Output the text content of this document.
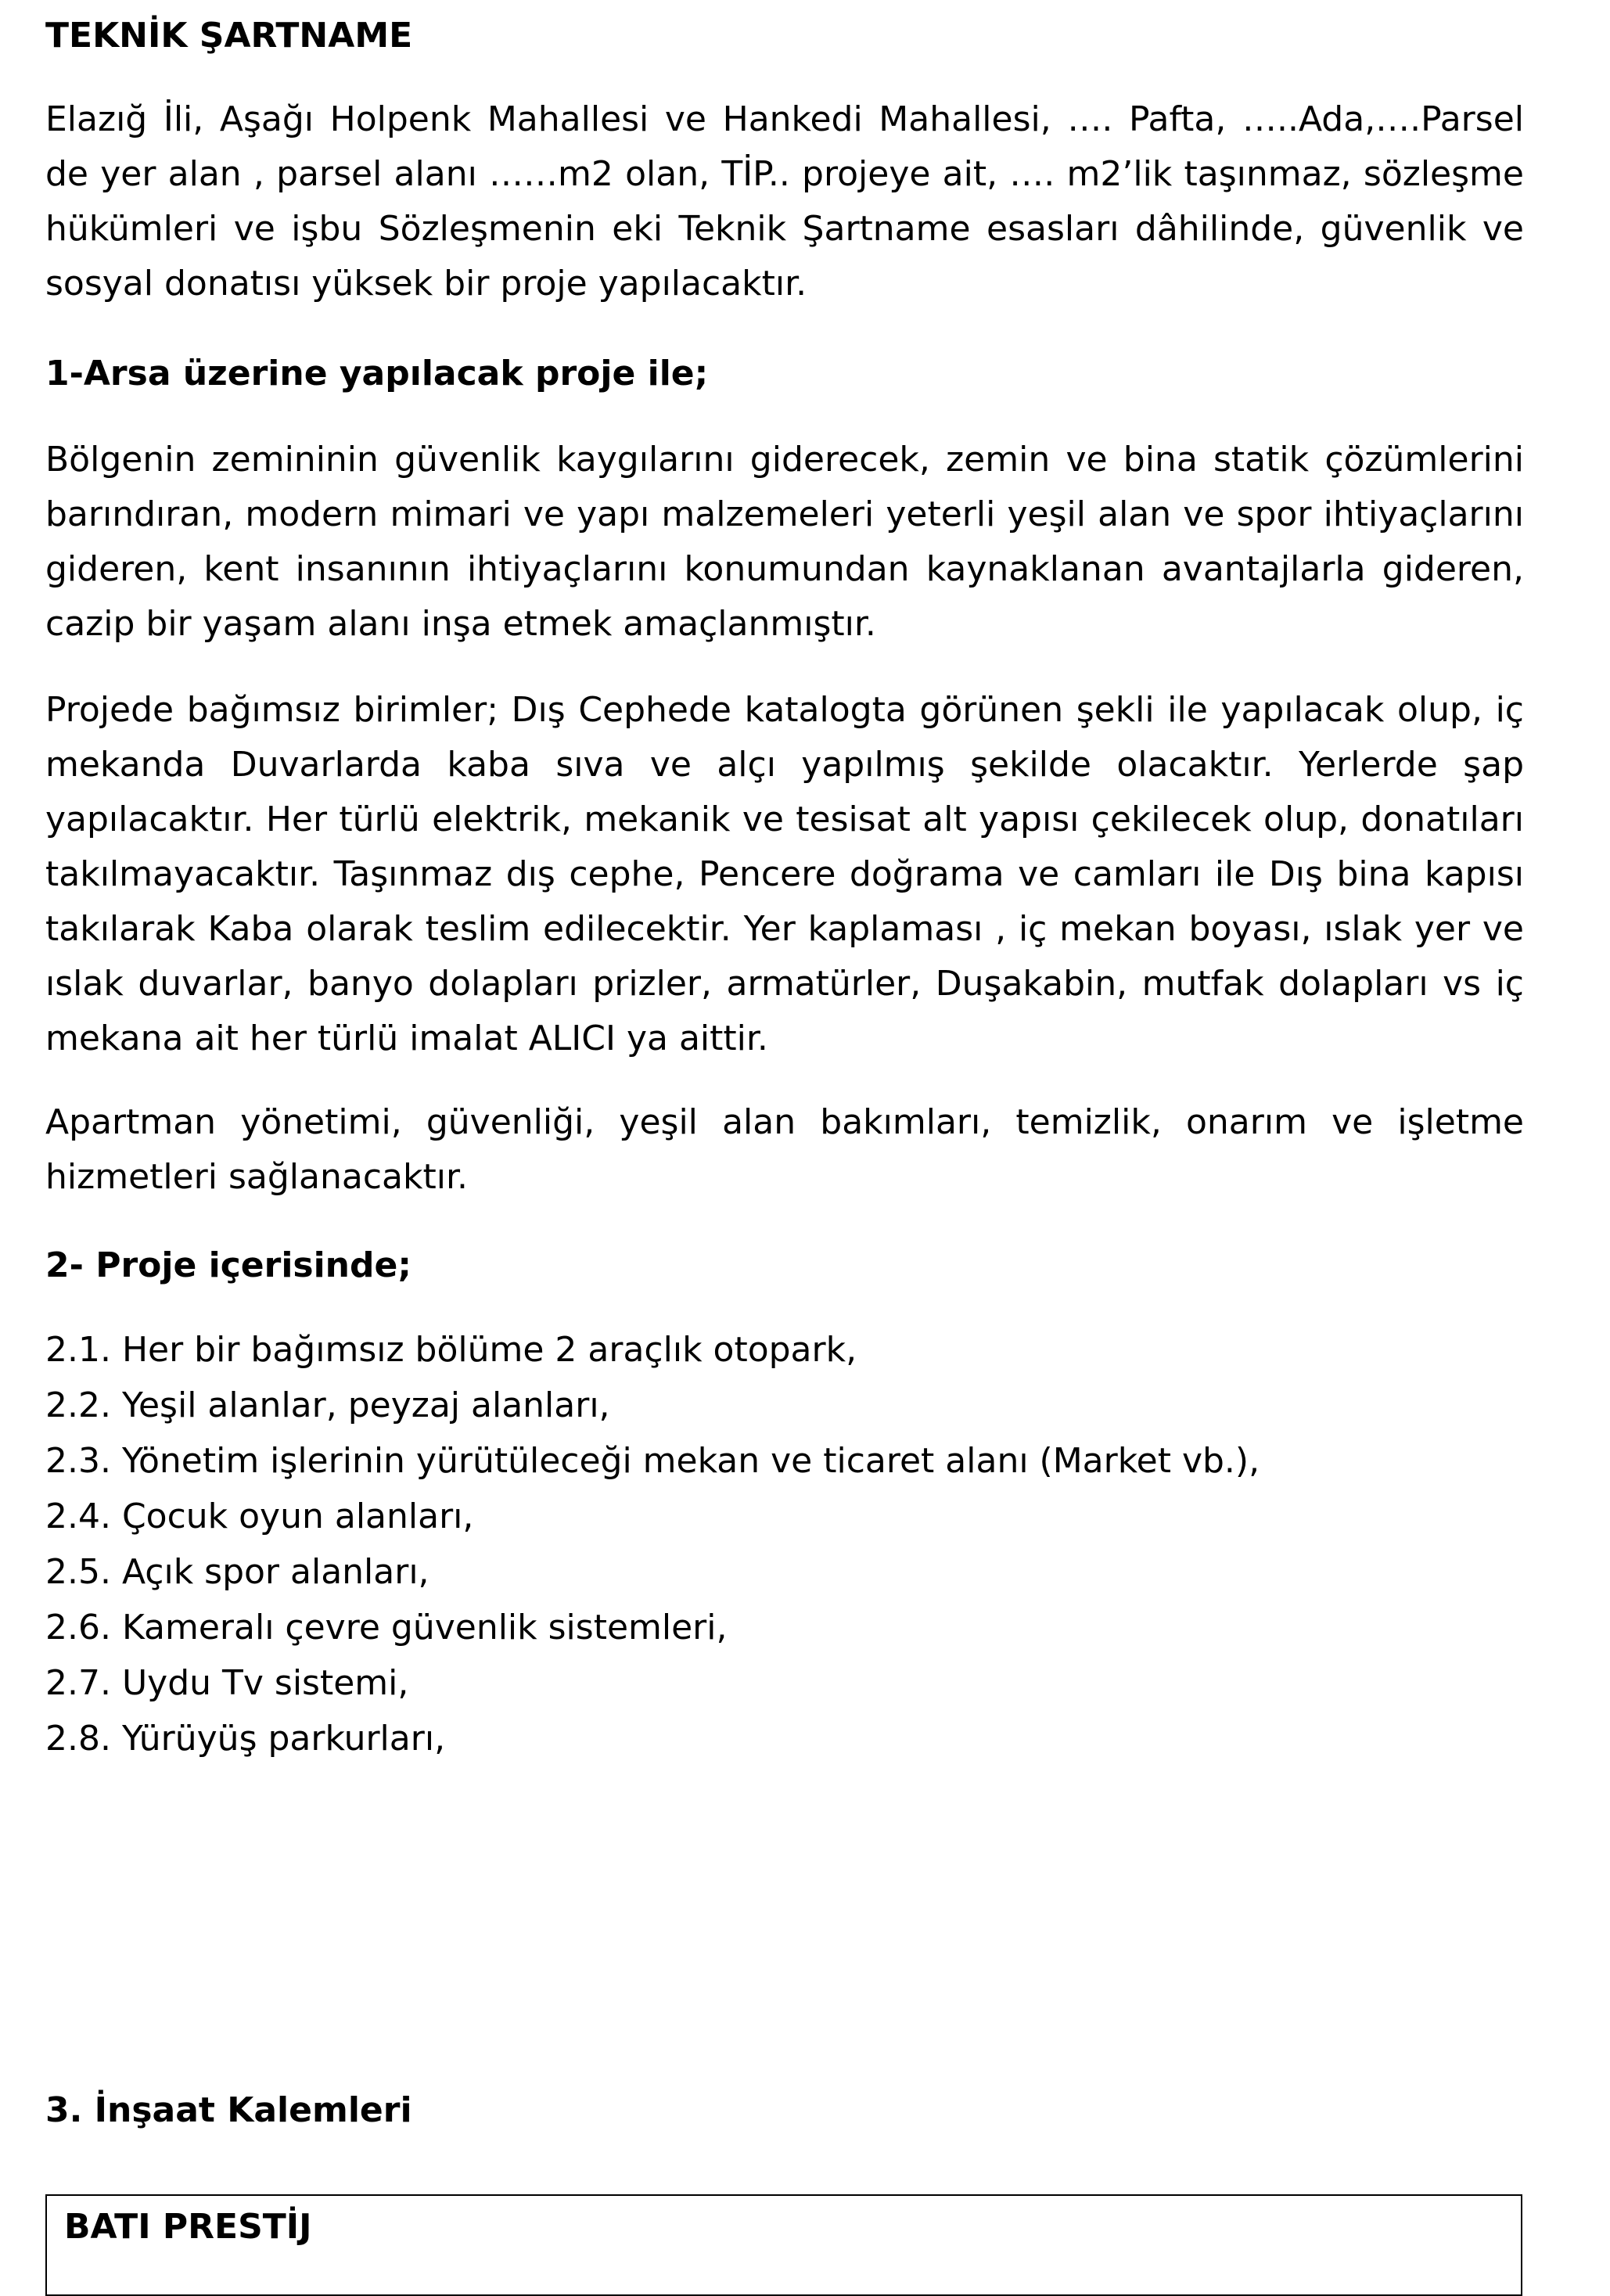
TEKNİK ŞARTNAME

Elazığ İli, Aşağı Holpenk Mahallesi ve Hankedi Mahallesi, …. Pafta, …..Ada,….Parsel de yer alan , parsel alanı ……m2 olan, TİP.. projeye ait, …. m2’lik taşınmaz, sözleşme hükümleri ve işbu Sözleşmenin eki Teknik Şartname esasları dâhilinde, güvenlik ve sosyal donatısı yüksek bir proje yapılacaktır.

1-Arsa üzerine yapılacak proje ile;

Bölgenin zemininin güvenlik kaygılarını giderecek, zemin ve bina statik çözümlerini barındıran, modern mimari ve yapı malzemeleri yeterli yeşil alan ve spor ihtiyaçlarını gideren, kent insanının ihtiyaçlarını konumundan kaynaklanan avantajlarla gideren, cazip bir yaşam alanı inşa etmek amaçlanmıştır.

Projede bağımsız birimler; Dış Cephede katalogta görünen şekli ile yapılacak olup, iç mekanda Duvarlarda kaba sıva ve alçı yapılmış şekilde olacaktır. Yerlerde şap yapılacaktır. Her türlü elektrik, mekanik ve tesisat alt yapısı çekilecek olup, donatıları takılmayacaktır. Taşınmaz dış cephe, Pencere doğrama ve camları ile Dış bina kapısı takılarak Kaba olarak teslim edilecektir. Yer kaplaması , iç mekan boyası, ıslak yer ve ıslak duvarlar, banyo dolapları prizler, armatürler, Duşakabin, mutfak dolapları vs iç mekana ait her türlü imalat ALICI ya aittir.

Apartman yönetimi, güvenliği, yeşil alan bakımları, temizlik, onarım ve işletme hizmetleri sağlanacaktır.

2- Proje içerisinde;
2.1. Her bir bağımsız bölüme 2 araçlık otopark,
2.2. Yeşil alanlar, peyzaj alanları,
2.3. Yönetim işlerinin yürütüleceği mekan ve ticaret alanı (Market vb.),
2.4. Çocuk oyun alanları,
2.5. Açık spor alanları,
2.6. Kameralı çevre güvenlik sistemleri,
2.7. Uydu Tv sistemi,
2.8. Yürüyüş parkurları,
3. İnşaat Kalemleri
BATI PRESTİJ
